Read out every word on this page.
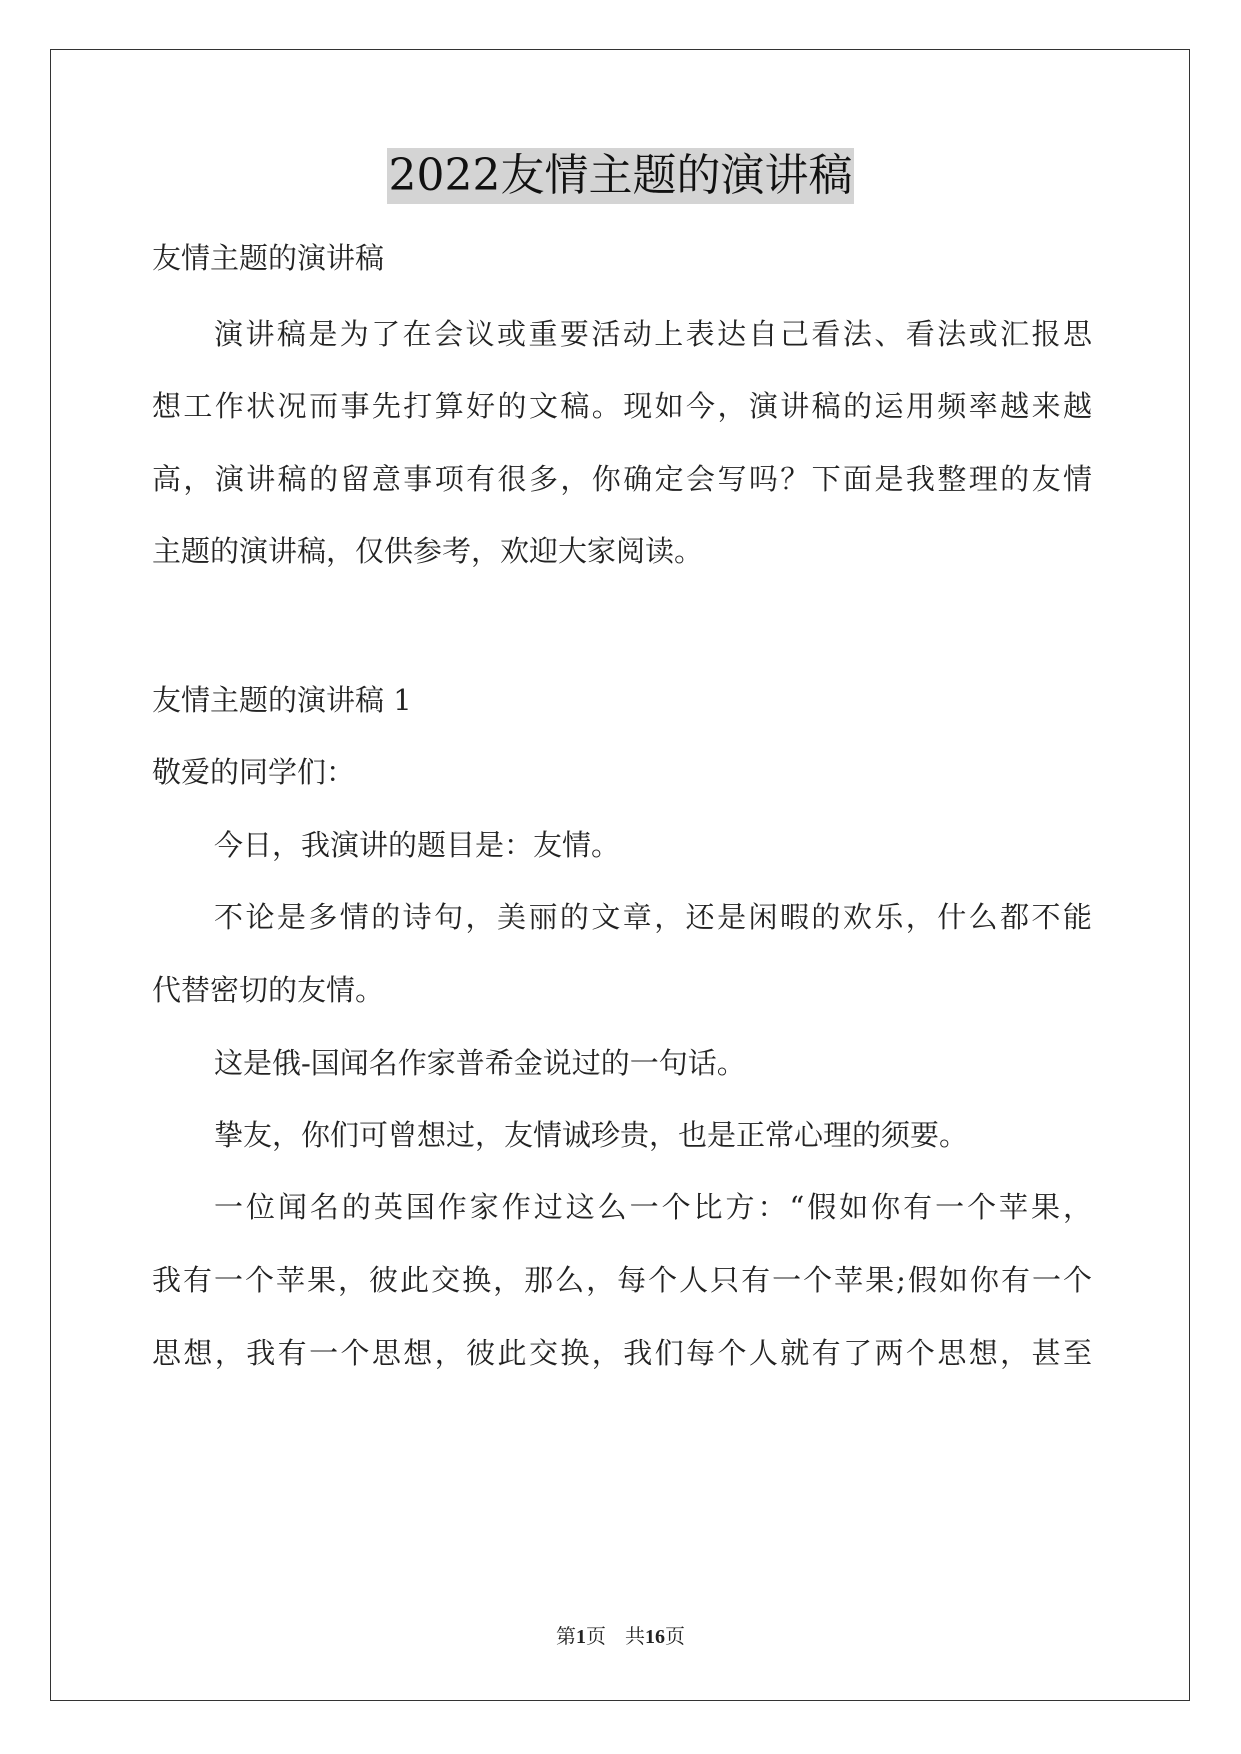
2022友情主题的演讲稿
友情主题的演讲稿
演讲稿是为了在会议或重要活动上表达自己看法、看法或汇报思
想工作状况而事先打算好的文稿。现如今，演讲稿的运用频率越来越
高，演讲稿的留意事项有很多，你确定会写吗？下面是我整理的友情
主题的演讲稿，仅供参考，欢迎大家阅读。
友情主题的演讲稿 1
敬爱的同学们：
今日，我演讲的题目是：友情。
不论是多情的诗句，美丽的文章，还是闲暇的欢乐，什么都不能
代替密切的友情。
这是俄-国闻名作家普希金说过的一句话。
挚友，你们可曾想过，友情诚珍贵，也是正常心理的须要。
一位闻名的英国作家作过这么一个比方：“假如你有一个苹果，
我有一个苹果，彼此交换，那么，每个人只有一个苹果;假如你有一个
思想，我有一个思想，彼此交换，我们每个人就有了两个思想，甚至
第1页 共16页
